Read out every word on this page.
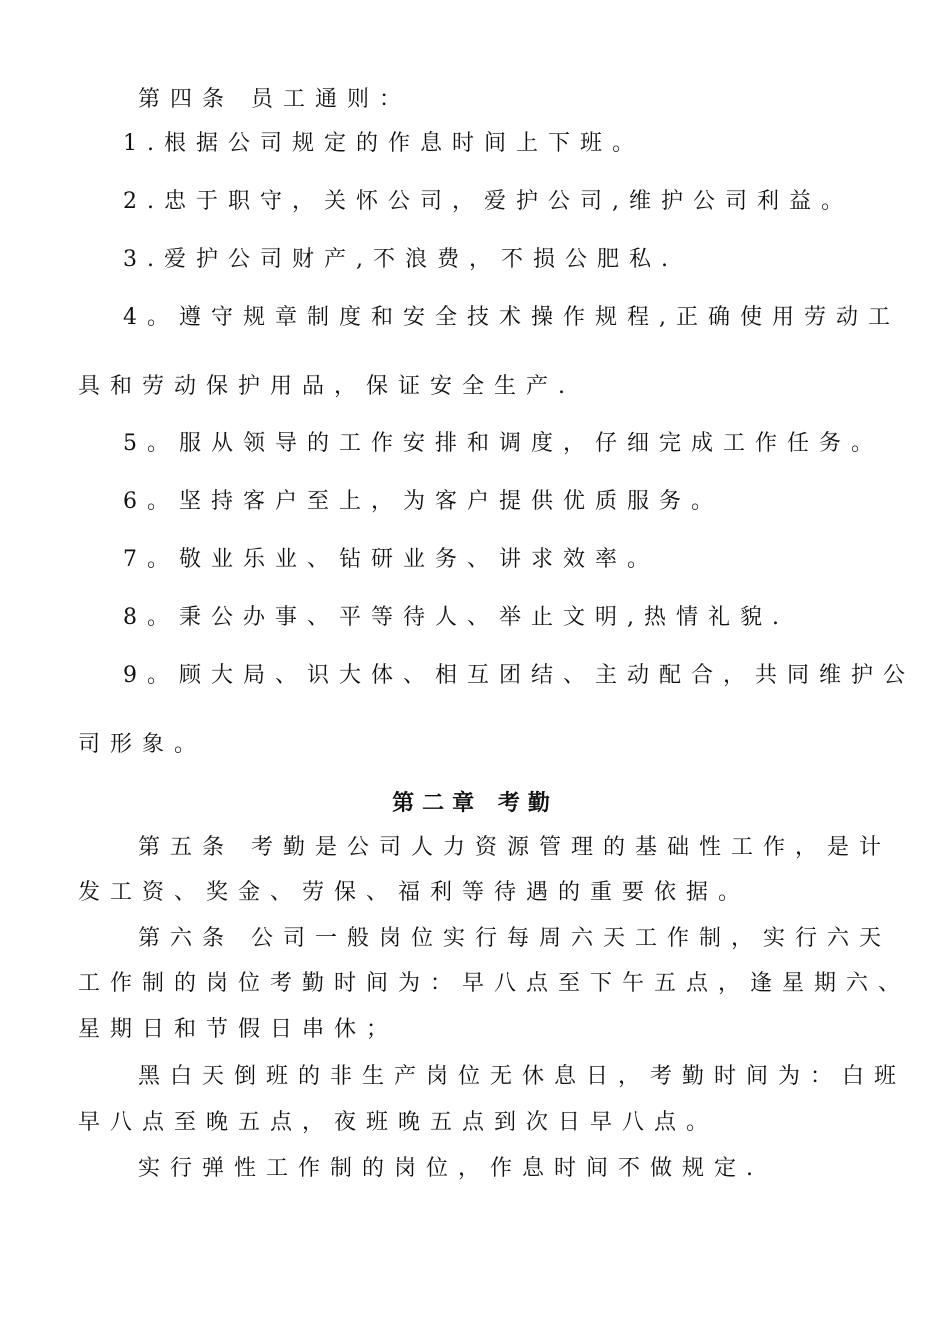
第四条 员工通则：
1.根据公司规定的作息时间上下班。
2.忠于职守，关怀公司，爱护公司,维护公司利益。
3.爱护公司财产,不浪费，不损公肥私.
4。遵守规章制度和安全技术操作规程,正确使用劳动工
具和劳动保护用品，保证安全生产.
5。服从领导的工作安排和调度，仔细完成工作任务。
6。坚持客户至上，为客户提供优质服务。
7。敬业乐业、钻研业务、讲求效率。
8。秉公办事、平等待人、举止文明,热情礼貌.
9。顾大局、识大体、相互团结、主动配合，共同维护公
司形象。
第二章 考勤
第五条 考勤是公司人力资源管理的基础性工作，是计
发工资、奖金、劳保、福利等待遇的重要依据。
第六条 公司一般岗位实行每周六天工作制，实行六天
工作制的岗位考勤时间为：早八点至下午五点，逢星期六、
星期日和节假日串休；
黑白天倒班的非生产岗位无休息日，考勤时间为：白班
早八点至晚五点，夜班晚五点到次日早八点。
实行弹性工作制的岗位，作息时间不做规定.
